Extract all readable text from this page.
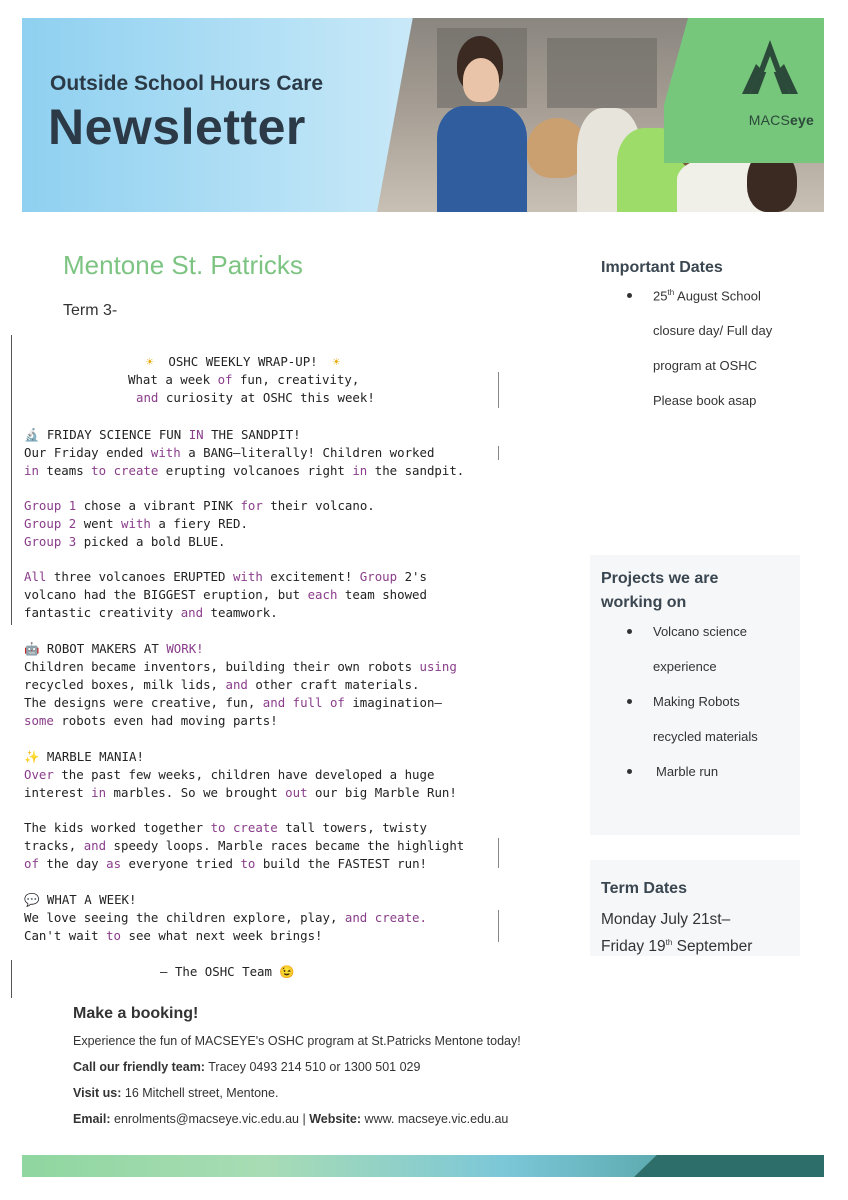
MACSeye
Outside School Hours Care
Newsletter
Mentone St. Patricks
Term 3-
☀ OSHC WEEKLY WRAP-UP! ☀
What a week of fun, creativity,
and curiosity at OSHC this week!
🔬 FRIDAY SCIENCE FUN IN THE SANDPIT!
Our Friday ended with a BANG—literally! Children worked
in teams to create erupting volcanoes right in the sandpit.
Group 1 chose a vibrant PINK for their volcano.
Group 2 went with a fiery RED.
Group 3 picked a bold BLUE.
All three volcanoes ERUPTED with excitement! Group 2's
volcano had the BIGGEST eruption, but each team showed
fantastic creativity and teamwork.
🤖 ROBOT MAKERS AT WORK!
Children became inventors, building their own robots using
recycled boxes, milk lids, and other craft materials.
The designs were creative, fun, and full of imagination—
some robots even had moving parts!
✨ MARBLE MANIA!
Over the past few weeks, children have developed a huge
interest in marbles. So we brought out our big Marble Run!
The kids worked together to create tall towers, twisty
tracks, and speedy loops. Marble races became the highlight
of the day as everyone tried to build the FASTEST run!
💬 WHAT A WEEK!
We love seeing the children explore, play, and create.
Can't wait to see what next week brings!
— The OSHC Team 😉
Important Dates
25th August School
closure day/ Full day
program at OSHC
Please book asap
Projects we are
working on
Volcano science
experience
Making Robots
recycled materials
Marble run
Term Dates
Monday July 21st–
Friday 19th September
Make a booking!
Experience the fun of MACSEYE's OSHC program at St.Patricks Mentone today!
Call our friendly team: Tracey 0493 214 510 or 1300 501 029
Visit us: 16 Mitchell street, Mentone.
Email: enrolments@macseye.vic.edu.au | Website: www. macseye.vic.edu.au
